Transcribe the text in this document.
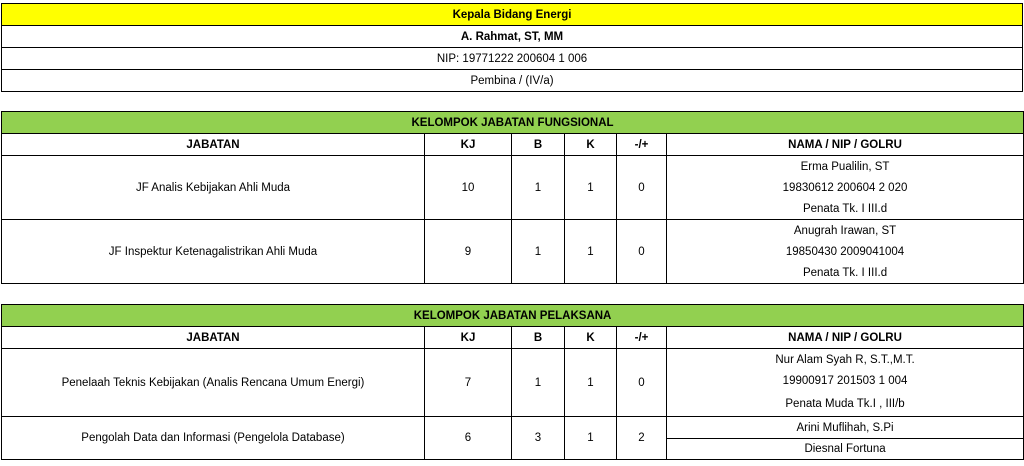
Kepala Bidang Energi
A. Rahmat, ST, MM
NIP: 19771222 200604 1 006
Pembina / (IV/a)
KELOMPOK JABATAN FUNGSIONAL					
JABATAN	KJ	B	K	-/+	NAMA / NIP / GOLRU
JF Analis Kebijakan Ahli Muda	10	1	1	0	Erma Pualilin, ST
					19830612 200604 2 020
					Penata Tk. I III.d
JF Inspektur Ketenagalistrikan Ahli Muda	9	1	1	0	Anugrah Irawan, ST
					19850430 2009041004
					Penata Tk. I III.d
KELOMPOK JABATAN PELAKSANA					
JABATAN	KJ	B	K	-/+	NAMA / NIP / GOLRU
Penelaah Teknis Kebijakan (Analis Rencana Umum Energi)	7	1	1	0	Nur Alam Syah R, S.T.,M.T.
					19900917 201503 1 004
					Penata Muda Tk.I , III/b
Pengolah Data dan Informasi (Pengelola Database)	6	3	1	2	Arini Muflihah, S.Pi
					Diesnal Fortuna
